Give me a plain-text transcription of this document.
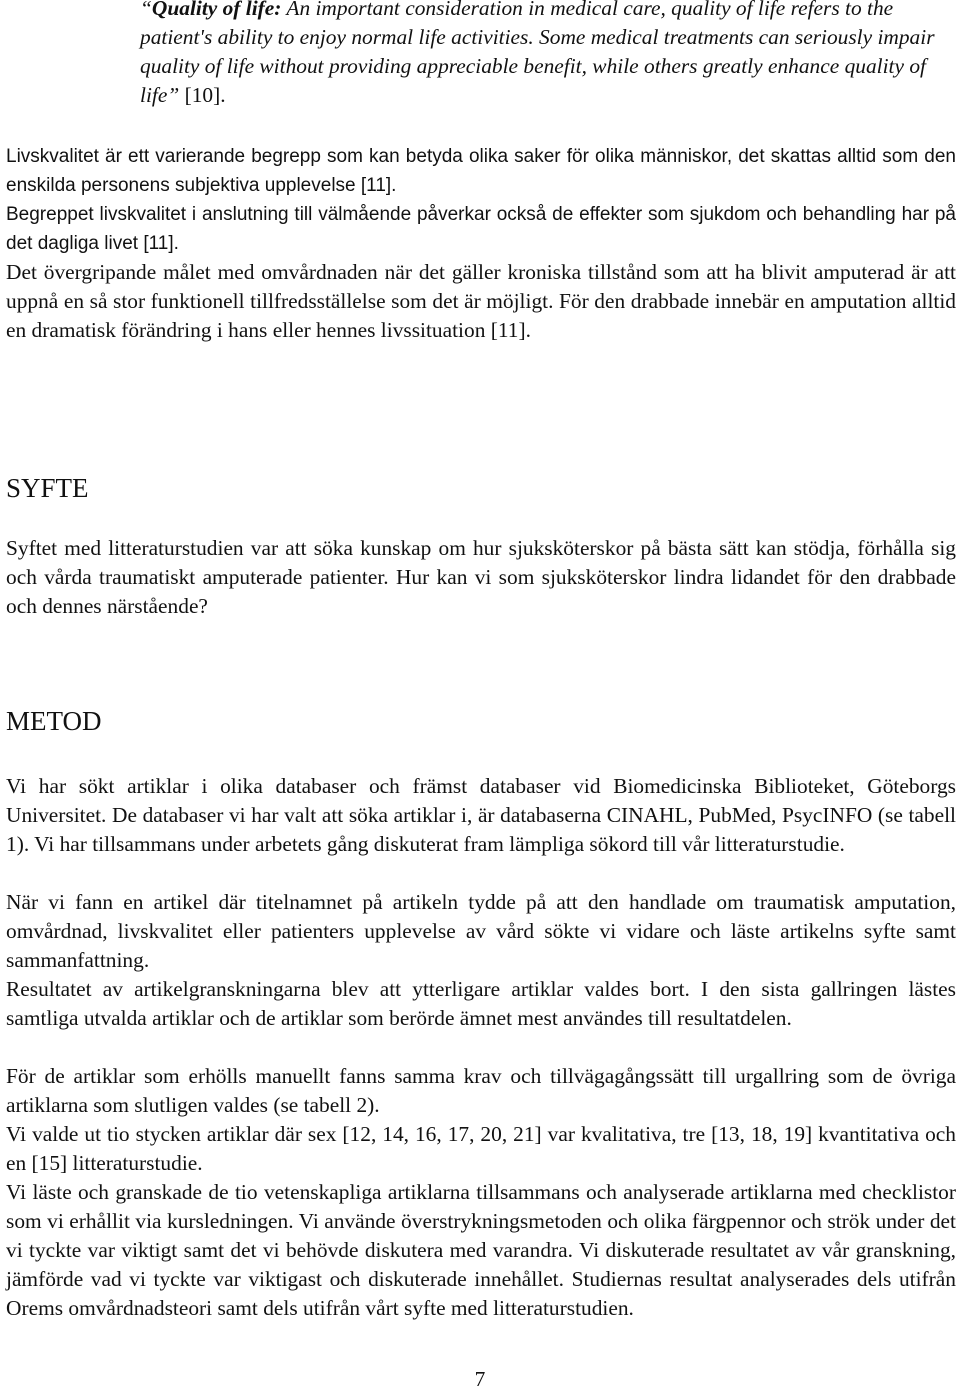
“Quality of life: An important consideration in medical care, quality of life refers to the patient's ability to enjoy normal life activities. Some medical treatments can seriously impair quality of life without providing appreciable benefit, while others greatly enhance quality of life” [10].

Livskvalitet är ett varierande begrepp som kan betyda olika saker för olika människor, det skattas alltid som den enskilda personens subjektiva upplevelse [11].

Begreppet livskvalitet i anslutning till välmående påverkar också de effekter som sjukdom och behandling har på det dagliga livet [11].

Det övergripande målet med omvårdnaden när det gäller kroniska tillstånd som att ha blivit amputerad är att uppnå en så stor funktionell tillfredsställelse som det är möjligt. För den drabbade innebär en amputation alltid en dramatisk förändring i hans eller hennes livssituation [11].

SYFTE

Syftet med litteraturstudien var att söka kunskap om hur sjuksköterskor på bästa sätt kan stödja, förhålla sig och vårda traumatiskt amputerade patienter. Hur kan vi som sjuksköterskor lindra lidandet för den drabbade och dennes närstående?

METOD

Vi har sökt artiklar i olika databaser och främst databaser vid Biomedicinska Biblioteket, Göteborgs Universitet. De databaser vi har valt att söka artiklar i, är databaserna CINAHL, PubMed, PsycINFO (se tabell 1). Vi har tillsammans under arbetets gång diskuterat fram lämpliga sökord till vår litteraturstudie.

När vi fann en artikel där titelnamnet på artikeln tydde på att den handlade om traumatisk amputation, omvårdnad, livskvalitet eller patienters upplevelse av vård sökte vi vidare och läste artikelns syfte samt sammanfattning.

Resultatet av artikelgranskningarna blev att ytterligare artiklar valdes bort. I den sista gallringen lästes samtliga utvalda artiklar och de artiklar som berörde ämnet mest användes till resultatdelen.

För de artiklar som erhölls manuellt fanns samma krav och tillvägagångssätt till urgallring som de övriga artiklarna som slutligen valdes (se tabell 2).

Vi valde ut tio stycken artiklar där sex [12, 14, 16, 17, 20, 21] var kvalitativa, tre [13, 18, 19] kvantitativa och en [15] litteraturstudie.

Vi läste och granskade de tio vetenskapliga artiklarna tillsammans och analyserade artiklarna med checklistor som vi erhållit via kursledningen. Vi använde överstrykningsmetoden och olika färgpennor och strök under det vi tyckte var viktigt samt det vi behövde diskutera med varandra. Vi diskuterade resultatet av vår granskning, jämförde vad vi tyckte var viktigast och diskuterade innehållet. Studiernas resultat analyserades dels utifrån Orems omvårdnadsteori samt dels utifrån vårt syfte med litteraturstudien.

7
